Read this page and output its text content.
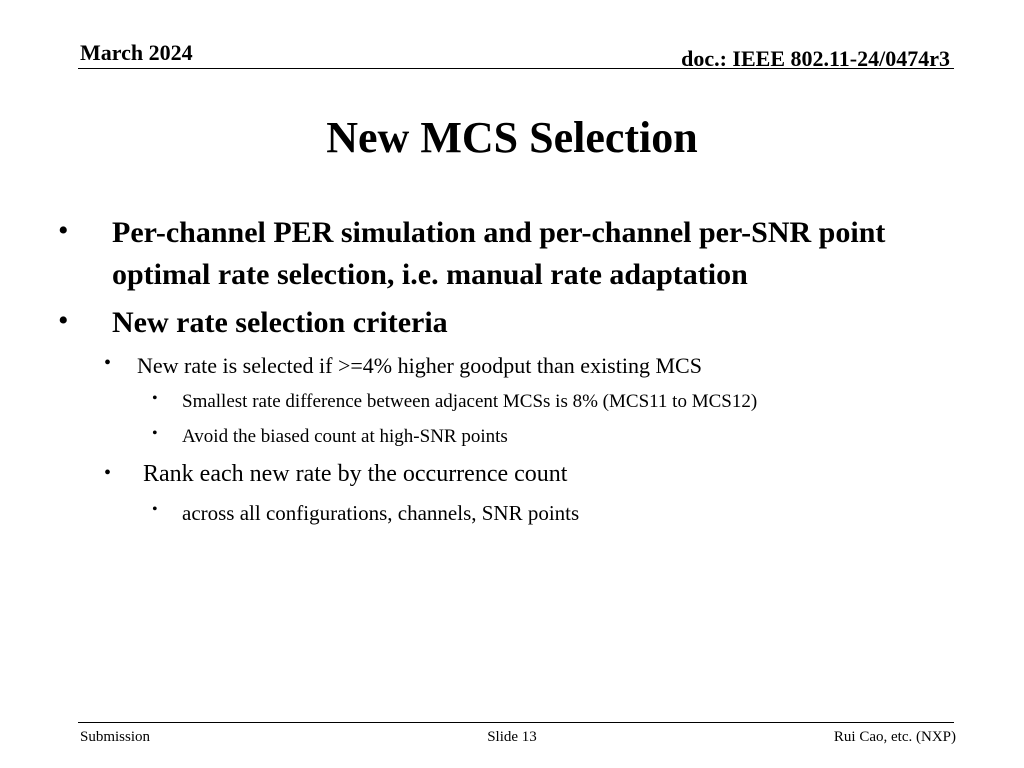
March 2024	doc.: IEEE 802.11-24/0474r3
New MCS Selection
• Per-channel PER simulation and per-channel per-SNR point optimal rate selection, i.e. manual rate adaptation
• New rate selection criteria
• New rate is selected if >=4% higher goodput than existing MCS
• Smallest rate difference between adjacent MCSs is 8% (MCS11 to MCS12)
• Avoid the biased count at high-SNR points
• Rank each new rate by the occurrence count
• across all configurations, channels, SNR points
Submission	Slide 13	Rui Cao, etc. (NXP)
